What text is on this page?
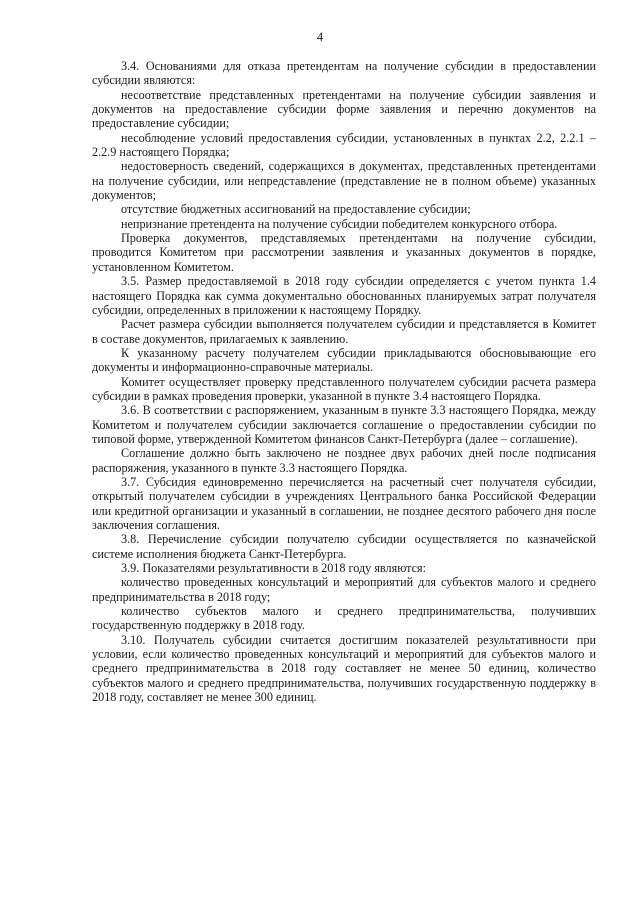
4

3.4. Основаниями для отказа претендентам на получение субсидии в предоставлении субсидии являются:

несоответствие представленных претендентами на получение субсидии заявления и документов на предоставление субсидии форме заявления и перечню документов на предоставление субсидии;

несоблюдение условий предоставления субсидии, установленных в пунктах 2.2, 2.2.1 – 2.2.9 настоящего Порядка;

недостоверность сведений, содержащихся в документах, представленных претендентами на получение субсидии, или непредставление (представление не в полном объеме) указанных документов;

отсутствие бюджетных ассигнований на предоставление субсидии;

непризнание претендента на получение субсидии победителем конкурсного отбора.

Проверка документов, представляемых претендентами на получение субсидии, проводится Комитетом при рассмотрении заявления и указанных документов в порядке, установленном Комитетом.

3.5. Размер предоставляемой в 2018 году субсидии определяется с учетом пункта 1.4 настоящего Порядка как сумма документально обоснованных планируемых затрат получателя субсидии, определенных в приложении к настоящему Порядку.

Расчет размера субсидии выполняется получателем субсидии и представляется в Комитет в составе документов, прилагаемых к заявлению.

К указанному расчету получателем субсидии прикладываются обосновывающие его документы и информационно-справочные материалы.

Комитет осуществляет проверку представленного получателем субсидии расчета размера субсидии в рамках проведения проверки, указанной в пункте 3.4 настоящего Порядка.

3.6. В соответствии с распоряжением, указанным в пункте 3.3 настоящего Порядка, между Комитетом и получателем субсидии заключается соглашение о предоставлении субсидии по типовой форме, утвержденной Комитетом финансов Санкт-Петербурга (далее – соглашение).

Соглашение должно быть заключено не позднее двух рабочих дней после подписания распоряжения, указанного в пункте 3.3 настоящего Порядка.

3.7. Субсидия единовременно перечисляется на расчетный счет получателя субсидии, открытый получателем субсидии в учреждениях Центрального банка Российской Федерации или кредитной организации и указанный в соглашении, не позднее десятого рабочего дня после заключения соглашения.

3.8. Перечисление субсидии получателю субсидии осуществляется по казначейской системе исполнения бюджета Санкт-Петербурга.

3.9. Показателями результативности в 2018 году являются:

количество проведенных консультаций и мероприятий для субъектов малого и среднего предпринимательства в 2018 году;

количество субъектов малого и среднего предпринимательства, получивших государственную поддержку в 2018 году.

3.10. Получатель субсидии считается достигшим показателей результативности при условии, если количество проведенных консультаций и мероприятий для субъектов малого и среднего предпринимательства в 2018 году составляет не менее 50 единиц, количество субъектов малого и среднего предпринимательства, получивших государственную поддержку в 2018 году, составляет не менее 300 единиц.
